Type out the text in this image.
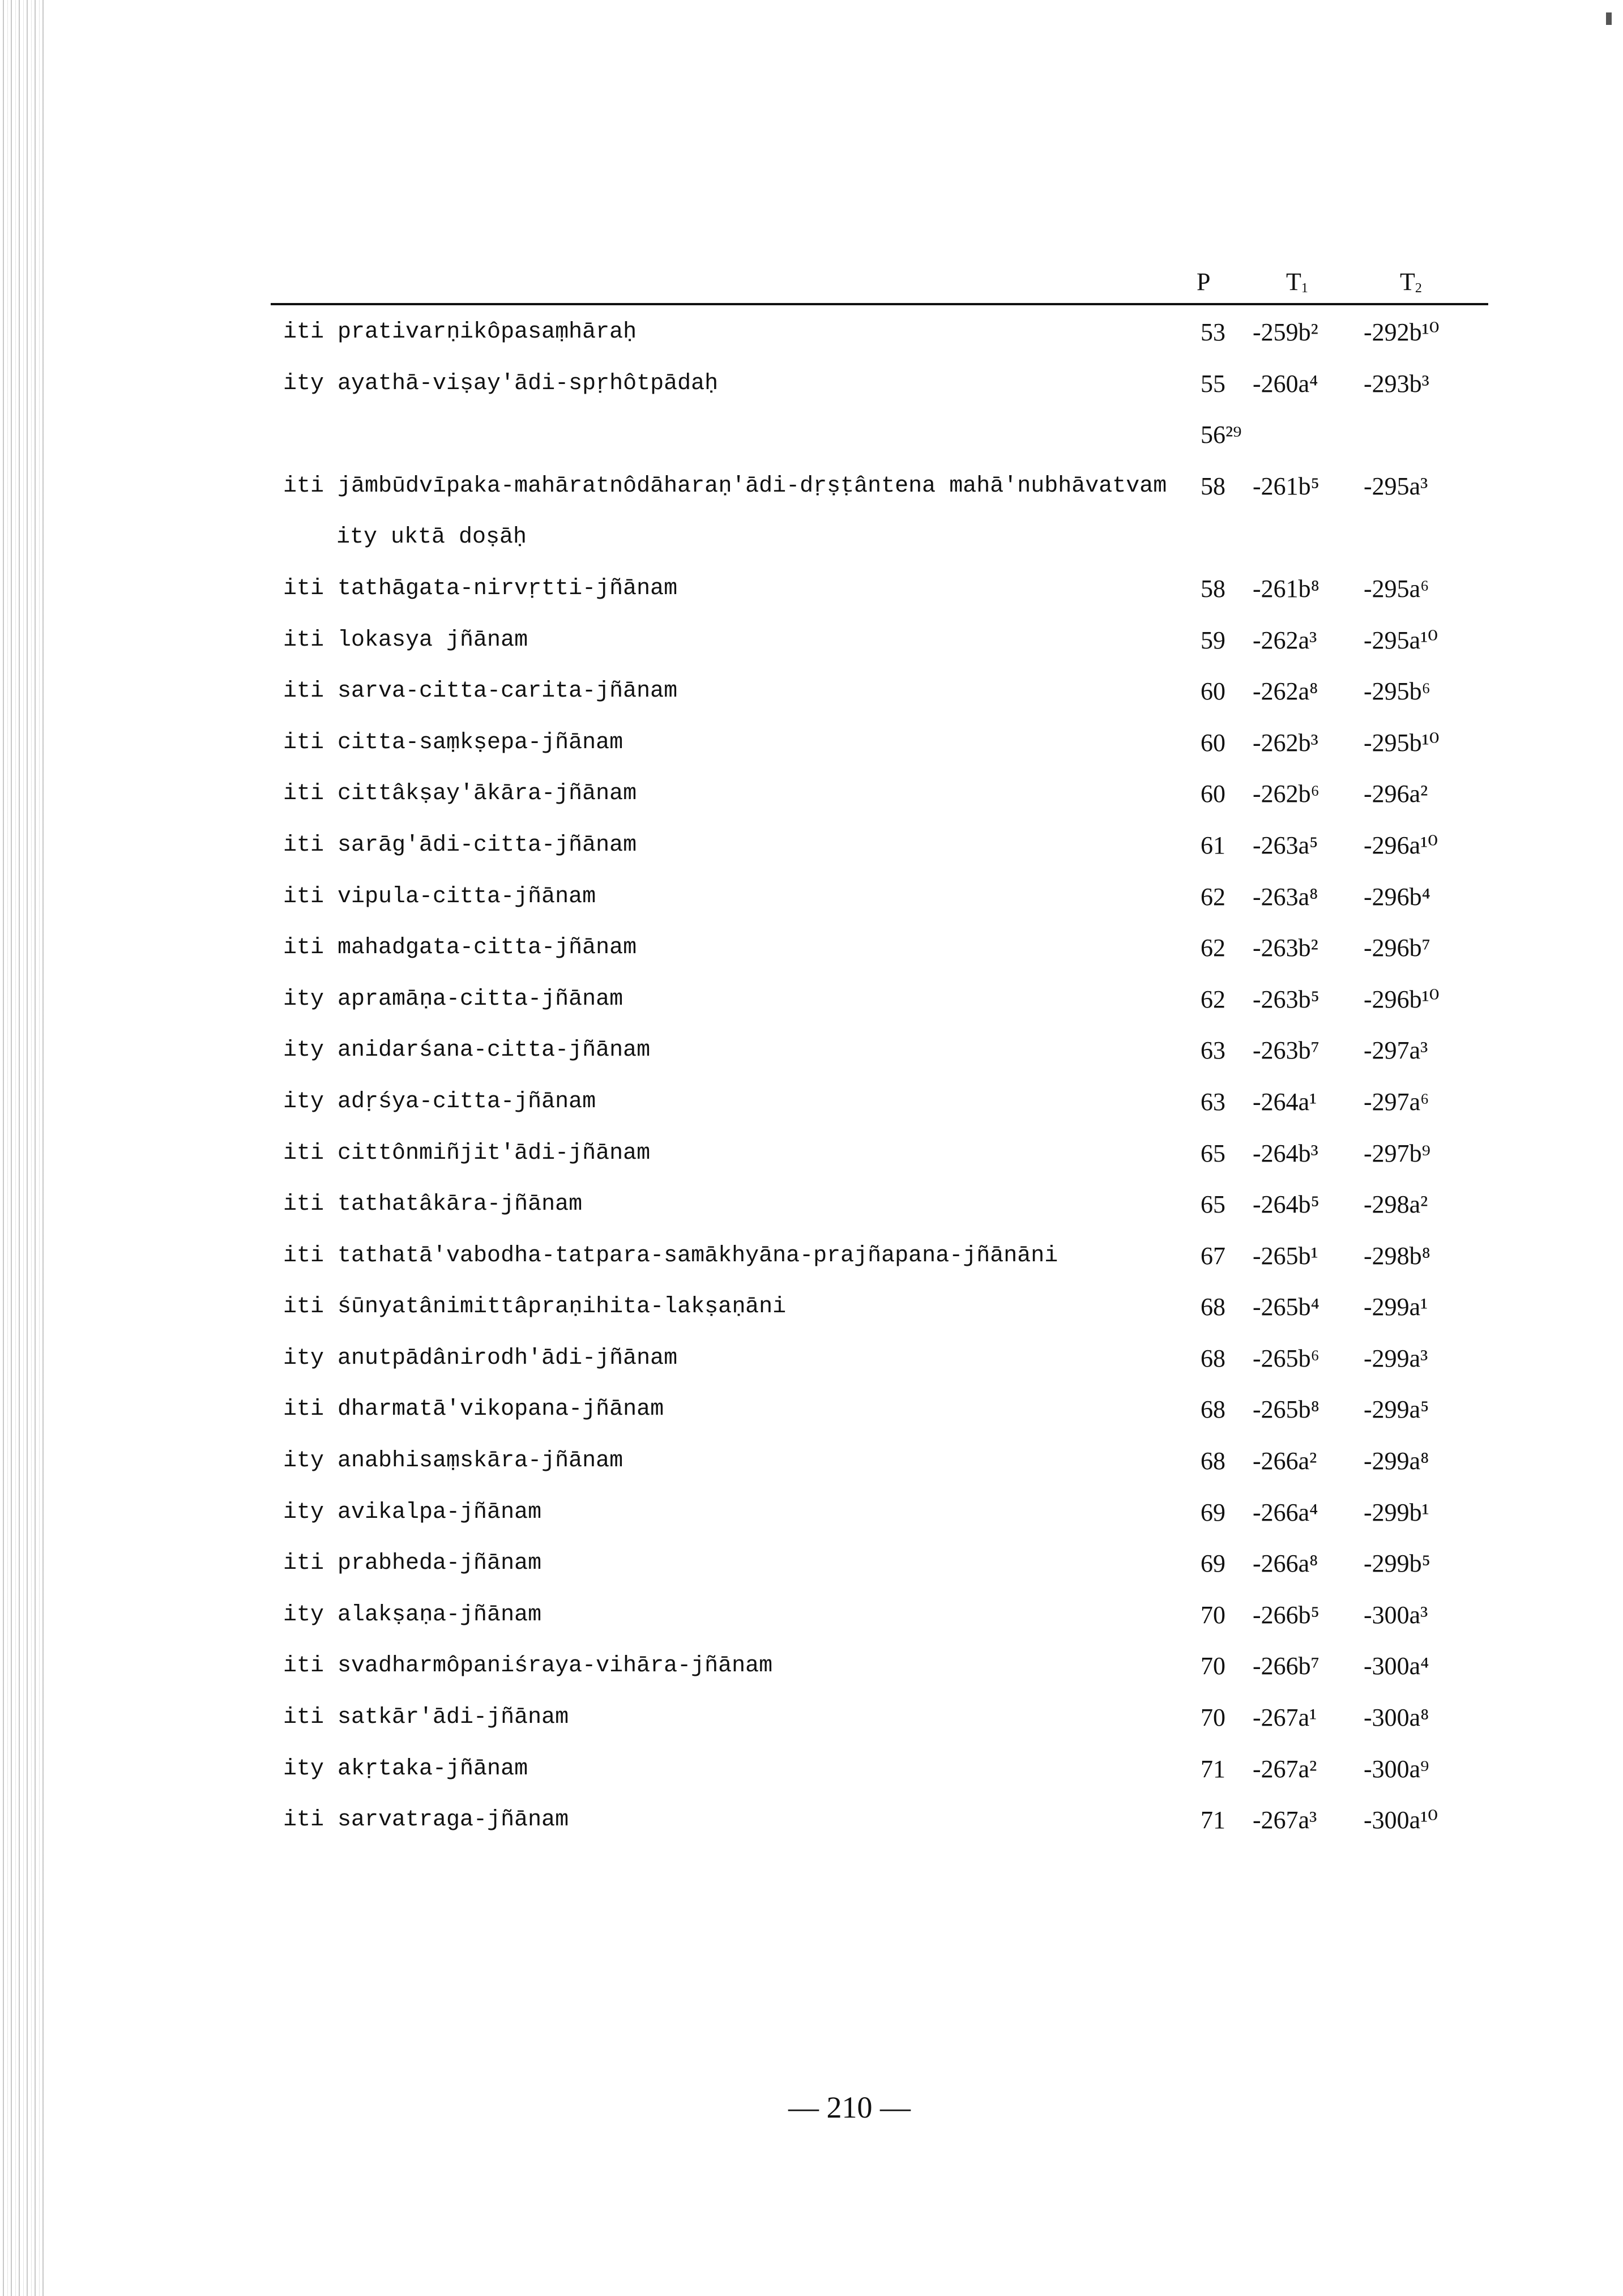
P	$T_1$	$T_2$
iti prativarṇikôpasaṃhāraḥ	53 -259b² -292b¹⁰
ity ayathā-viṣay'ādi-spṛhôtpādaḥ	55 -260a⁴ -293b³
56²⁹
iti jāmbūdvīpaka-mahāratnôdāharaṇ'ādi-dṛṣṭântena mahā'nubhāvatvam 58 -261b⁵ -295a³
ity uktā doṣāḥ
iti tathāgata-nirvṛtti-jñānam	58 -261b⁸ -295a⁶
iti lokasya jñānam	59 -262a³ -295a¹⁰
iti sarva-citta-carita-jñānam	60 -262a⁸ -295b⁶
iti citta-saṃkṣepa-jñānam	60 -262b³ -295b¹⁰
iti cittâkṣay'ākāra-jñānam	60 -262b⁶ -296a²
iti sarāg'ādi-citta-jñānam	61 -263a⁵ -296a¹⁰
iti vipula-citta-jñānam	62 -263a⁸ -296b⁴
iti mahadgata-citta-jñānam	62 -263b² -296b⁷
ity apramāṇa-citta-jñānam	62 -263b⁵ -296b¹⁰
ity anidarśana-citta-jñānam	63 -263b⁷ -297a³
ity adṛśya-citta-jñānam	63 -264a¹ -297a⁶
iti cittônmiñjit'ādi-jñānam	65 -264b³ -297b⁹
iti tathatâkāra-jñānam	65 -264b⁵ -298a²
iti tathatā'vabodha-tatpara-samākhyāna-prajñapana-jñānāni	67 -265b¹ -298b⁸
iti śūnyatânimittâpraṇihita-lakṣaṇāni	68 -265b⁴ -299a¹
ity anutpādânirodh'ādi-jñānam	68 -265b⁶ -299a³
iti dharmatā'vikopana-jñānam	68 -265b⁸ -299a⁵
ity anabhisaṃskāra-jñānam	68 -266a² -299a⁸
ity avikalpa-jñānam	69 -266a⁴ -299b¹
iti prabheda-jñānam	69 -266a⁸ -299b⁵
ity alakṣaṇa-jñānam	70 -266b⁵ -300a³
iti svadharmôpaniśraya-vihāra-jñānam	70 -266b⁷ -300a⁴
iti satkār'ādi-jñānam	70 -267a¹ -300a⁸
ity akṛtaka-jñānam	71 -267a² -300a⁹
iti sarvatraga-jñānam	71 -267a³ -300a¹⁰
— 210 —
